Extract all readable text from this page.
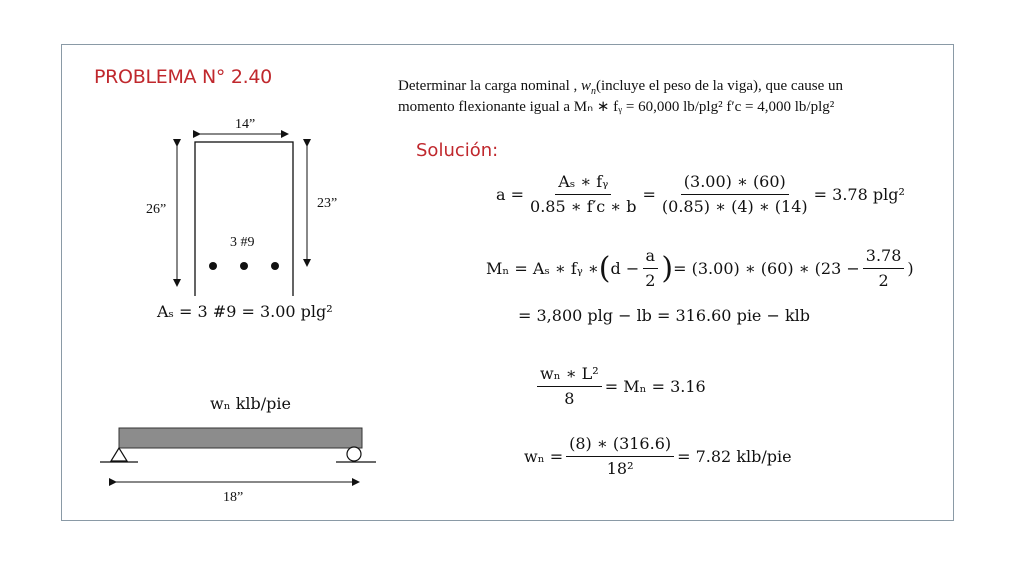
PROBLEMA N° 2.40	Determinar la carga nominal , $w_n(incluye$ el peso de la viga), que cause un
momento flexionante igual a Mₙ ∗ fᵧ = 60,000 lb/plg² f′c = 4,000 lb/plg²
14”
26”	23”
3 #9
Aₛ = 3 #9 = 3.00 plg²
wₙ klb/pie
18”
Solución:
$a = \frac{\text{Aₛ ∗ fᵧ}}{0.85 ∗ f'c ∗ b} = \frac{(3.00) ∗ (60)}{(0.85) ∗ (4) ∗ (14)} = 3.78$ plg²
Mₙ = Aₛ ∗ fᵧ ∗ ( $d - \frac{a}{2}$ ) = (3.00) ∗ (60) ∗ ($23 - \frac{3.78}{2}$ )
= 3,800 plg − lb = 316.60 pie − klb
$\frac{\text{wₙ ∗ L²}}{8} = M_n = 3.16$
$w_n = \frac{(8) ∗ (316.6)}{\text{18²}} = 7.82$ klb/pie
